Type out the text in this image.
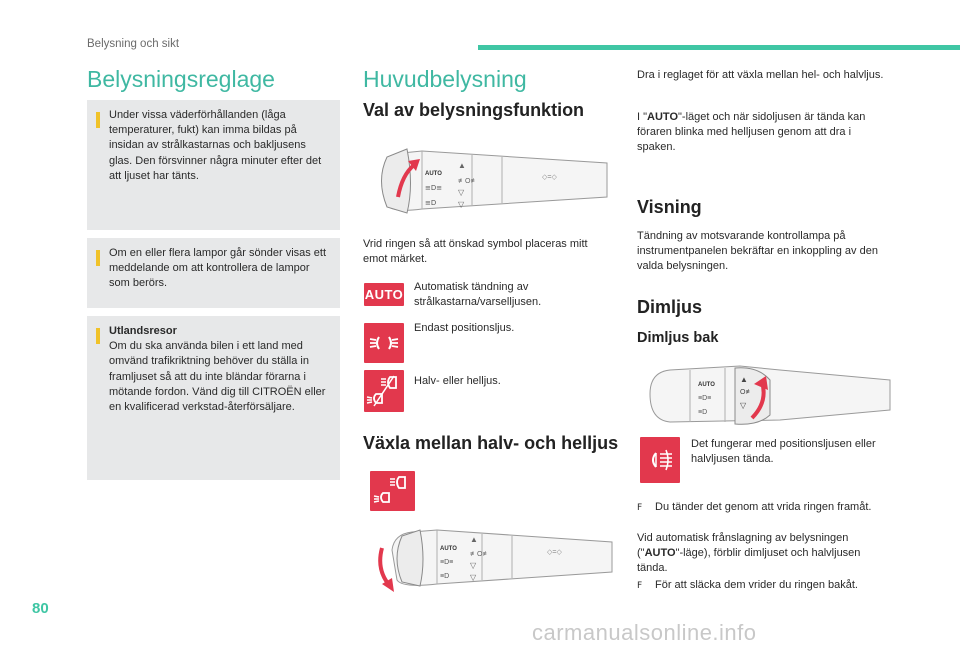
Belysning och sikt
Belysningsreglage

Under vissa väderförhållanden (låga temperaturer, fukt) kan imma bildas på insidan av strålkastarnas och bakljusens glas. Den försvinner några minuter efter det att ljuset har tänts.

Om en eller flera lampor går sönder visas ett meddelande om att kontrollera de lampor som berörs.

Utlandsresor
Om du ska använda bilen i ett land med omvänd trafikriktning behöver du ställa in framljuset så att du inte bländar förarna i mötande fordon. Vänd dig till CITROËN eller en kvalificerad verkstad-återförsäljare.

Huvudbelysning
Val av belysningsfunktion
AUTO
≡D≡
≡D
▲
≢O≢
▽
▽
◇=◇

Vrid ringen så att önskad symbol placeras mitt emot märket.

AUTO Automatisk tändning av strålkastarna/varselljusen.

Endast positionsljus.

Halv- eller helljus.

Växla mellan halv- och helljus
AUTO
≡D≡
≡D
▲
≢O≢
▽
▽
◇=◇

Dra i reglaget för att växla mellan hel- och halvljus.

I "AUTO"-läget och när sidoljusen är tända kan föraren blinka med helljusen genom att dra i spaken.

Visning

Tändning av motsvarande kontrollampa på instrumentpanelen bekräftar en inkoppling av den valda belysningen.

Dimljus
Dimljus bak
AUTO
≡D≡
≡D
▲
O≢
▽

Det fungerar med positionsljusen eller halvljusen tända.

F Du tänder det genom att vrida ringen framåt.

Vid automatisk frånslagning av belysningen ("AUTO"-läge), förblir dimljuset och halvljusen tända.

F För att släcka dem vrider du ringen bakåt.

80
carmanualsonline.info
